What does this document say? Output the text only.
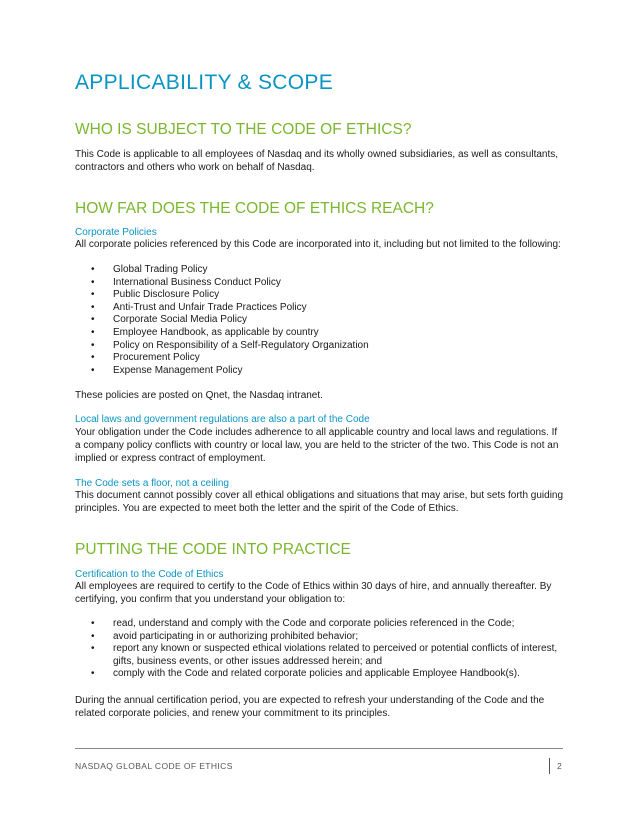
APPLICABILITY & SCOPE
WHO IS SUBJECT TO THE CODE OF ETHICS?

This Code is applicable to all employees of Nasdaq and its wholly owned subsidiaries, as well as consultants, contractors and others who work on behalf of Nasdaq.

HOW FAR DOES THE CODE OF ETHICS REACH?
Corporate Policies

All corporate policies referenced by this Code are incorporated into it, including but not limited to the following:

• Global Trading Policy
• International Business Conduct Policy
• Public Disclosure Policy
• Anti-Trust and Unfair Trade Practices Policy
• Corporate Social Media Policy
• Employee Handbook, as applicable by country
• Policy on Responsibility of a Self-Regulatory Organization
• Procurement Policy
• Expense Management Policy

These policies are posted on Qnet, the Nasdaq intranet.

Local laws and government regulations are also a part of the Code

Your obligation under the Code includes adherence to all applicable country and local laws and regulations. If a company policy conflicts with country or local law, you are held to the stricter of the two. This Code is not an implied or express contract of employment.

The Code sets a floor, not a ceiling

This document cannot possibly cover all ethical obligations and situations that may arise, but sets forth guiding principles. You are expected to meet both the letter and the spirit of the Code of Ethics.

PUTTING THE CODE INTO PRACTICE
Certification to the Code of Ethics

All employees are required to certify to the Code of Ethics within 30 days of hire, and annually thereafter. By certifying, you confirm that you understand your obligation to:

• read, understand and comply with the Code and corporate policies referenced in the Code;
• avoid participating in or authorizing prohibited behavior;
• report any known or suspected ethical violations related to perceived or potential conflicts of interest, gifts, business events, or other issues addressed herein; and
• comply with the Code and related corporate policies and applicable Employee Handbook(s).

During the annual certification period, you are expected to refresh your understanding of the Code and the related corporate policies, and renew your commitment to its principles.

NASDAQ GLOBAL CODE OF ETHICS	2
